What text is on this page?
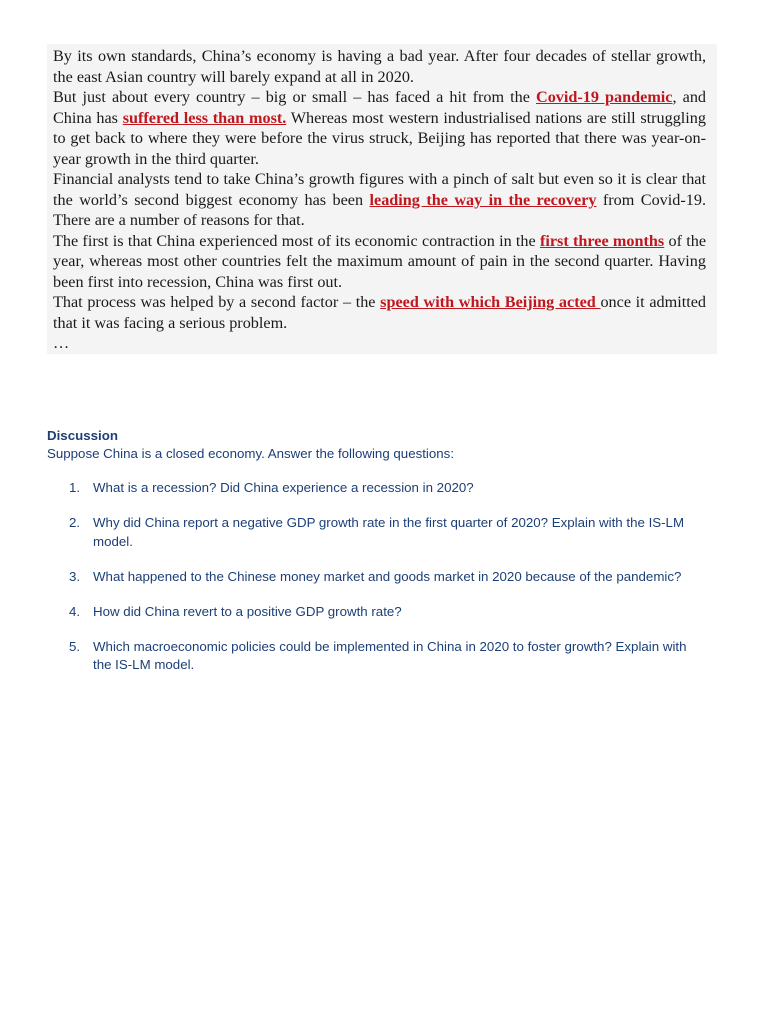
By its own standards, China’s economy is having a bad year. After four decades of stellar growth, the east Asian country will barely expand at all in 2020.

But just about every country – big or small – has faced a hit from the Covid-19 pandemic, and China has suffered less than most. Whereas most western industrialised nations are still struggling to get back to where they were before the virus struck, Beijing has reported that there was year-on-year growth in the third quarter.

Financial analysts tend to take China’s growth figures with a pinch of salt but even so it is clear that the world’s second biggest economy has been leading the way in the recovery from Covid-19. There are a number of reasons for that.

The first is that China experienced most of its economic contraction in the first three months of the year, whereas most other countries felt the maximum amount of pain in the second quarter. Having been first into recession, China was first out.

That process was helped by a second factor – the speed with which Beijing acted once it admitted that it was facing a serious problem.

…

Discussion

Suppose China is a closed economy. Answer the following questions:

1. What is a recession? Did China experience a recession in 2020?
2. Why did China report a negative GDP growth rate in the first quarter of 2020? Explain with the IS-LM model.
3. What happened to the Chinese money market and goods market in 2020 because of the pandemic?
4. How did China revert to a positive GDP growth rate?
5. Which macroeconomic policies could be implemented in China in 2020 to foster growth? Explain with the IS-LM model.
